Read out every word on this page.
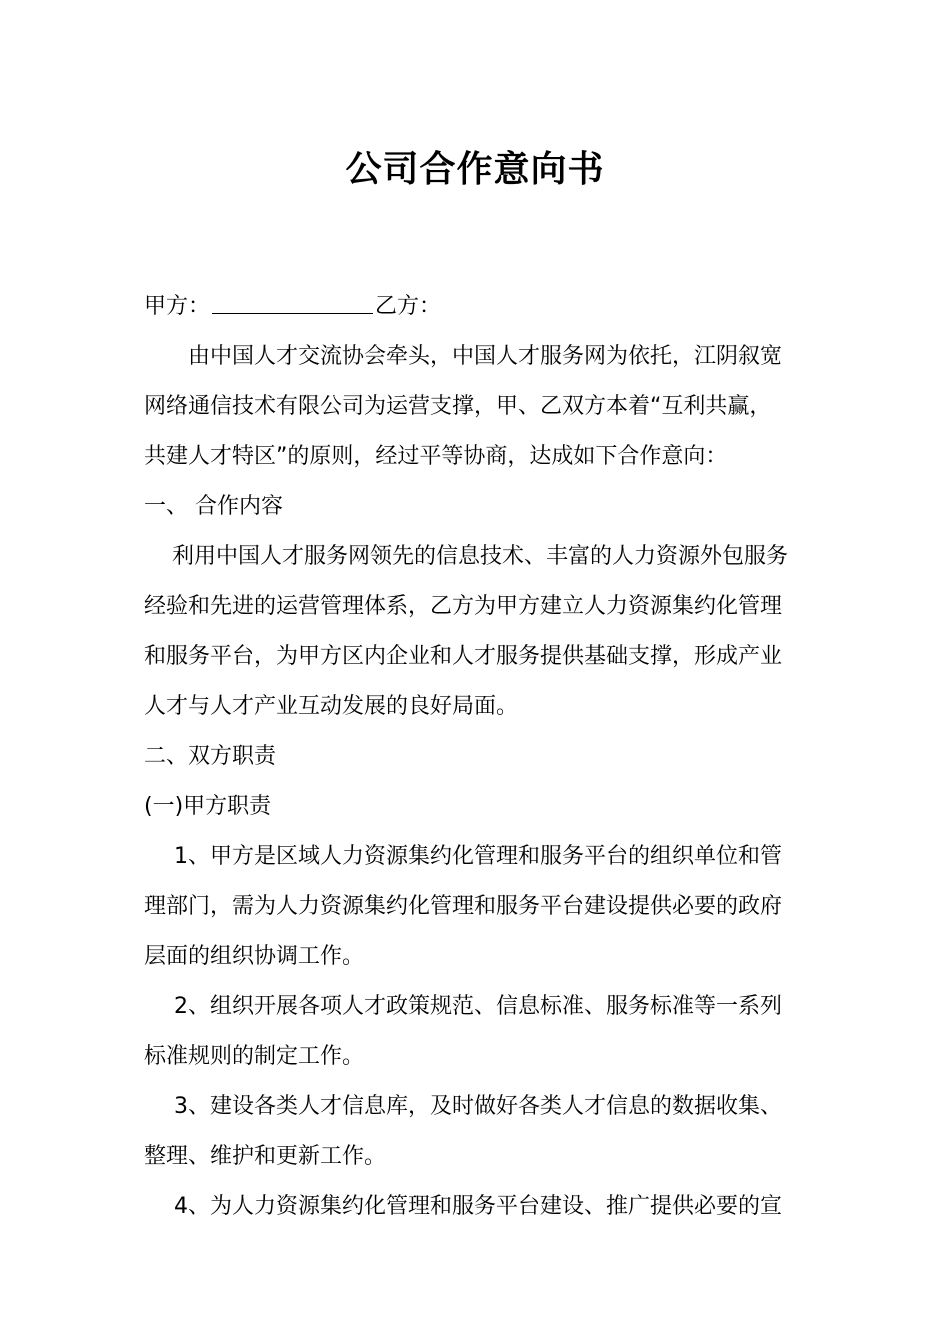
公司合作意向书
甲方：	乙方：

由中国人才交流协会牵头，中国人才服务网为依托，江阴叙宽

网络通信技术有限公司为运营支撑，甲、乙双方本着“互利共赢，

共建人才特区”的原则，经过平等协商，达成如下合作意向：

一、 合作内容

利用中国人才服务网领先的信息技术、丰富的人力资源外包服务

经验和先进的运营管理体系，乙方为甲方建立人力资源集约化管理

和服务平台，为甲方区内企业和人才服务提供基础支撑，形成产业

人才与人才产业互动发展的良好局面。

二、双方职责

(一)甲方职责

1、甲方是区域人力资源集约化管理和服务平台的组织单位和管

理部门，需为人力资源集约化管理和服务平台建设提供必要的政府

层面的组织协调工作。

2、组织开展各项人才政策规范、信息标准、服务标准等一系列

标准规则的制定工作。

3、建设各类人才信息库，及时做好各类人才信息的数据收集、

整理、维护和更新工作。

4、为人力资源集约化管理和服务平台建设、推广提供必要的宣
